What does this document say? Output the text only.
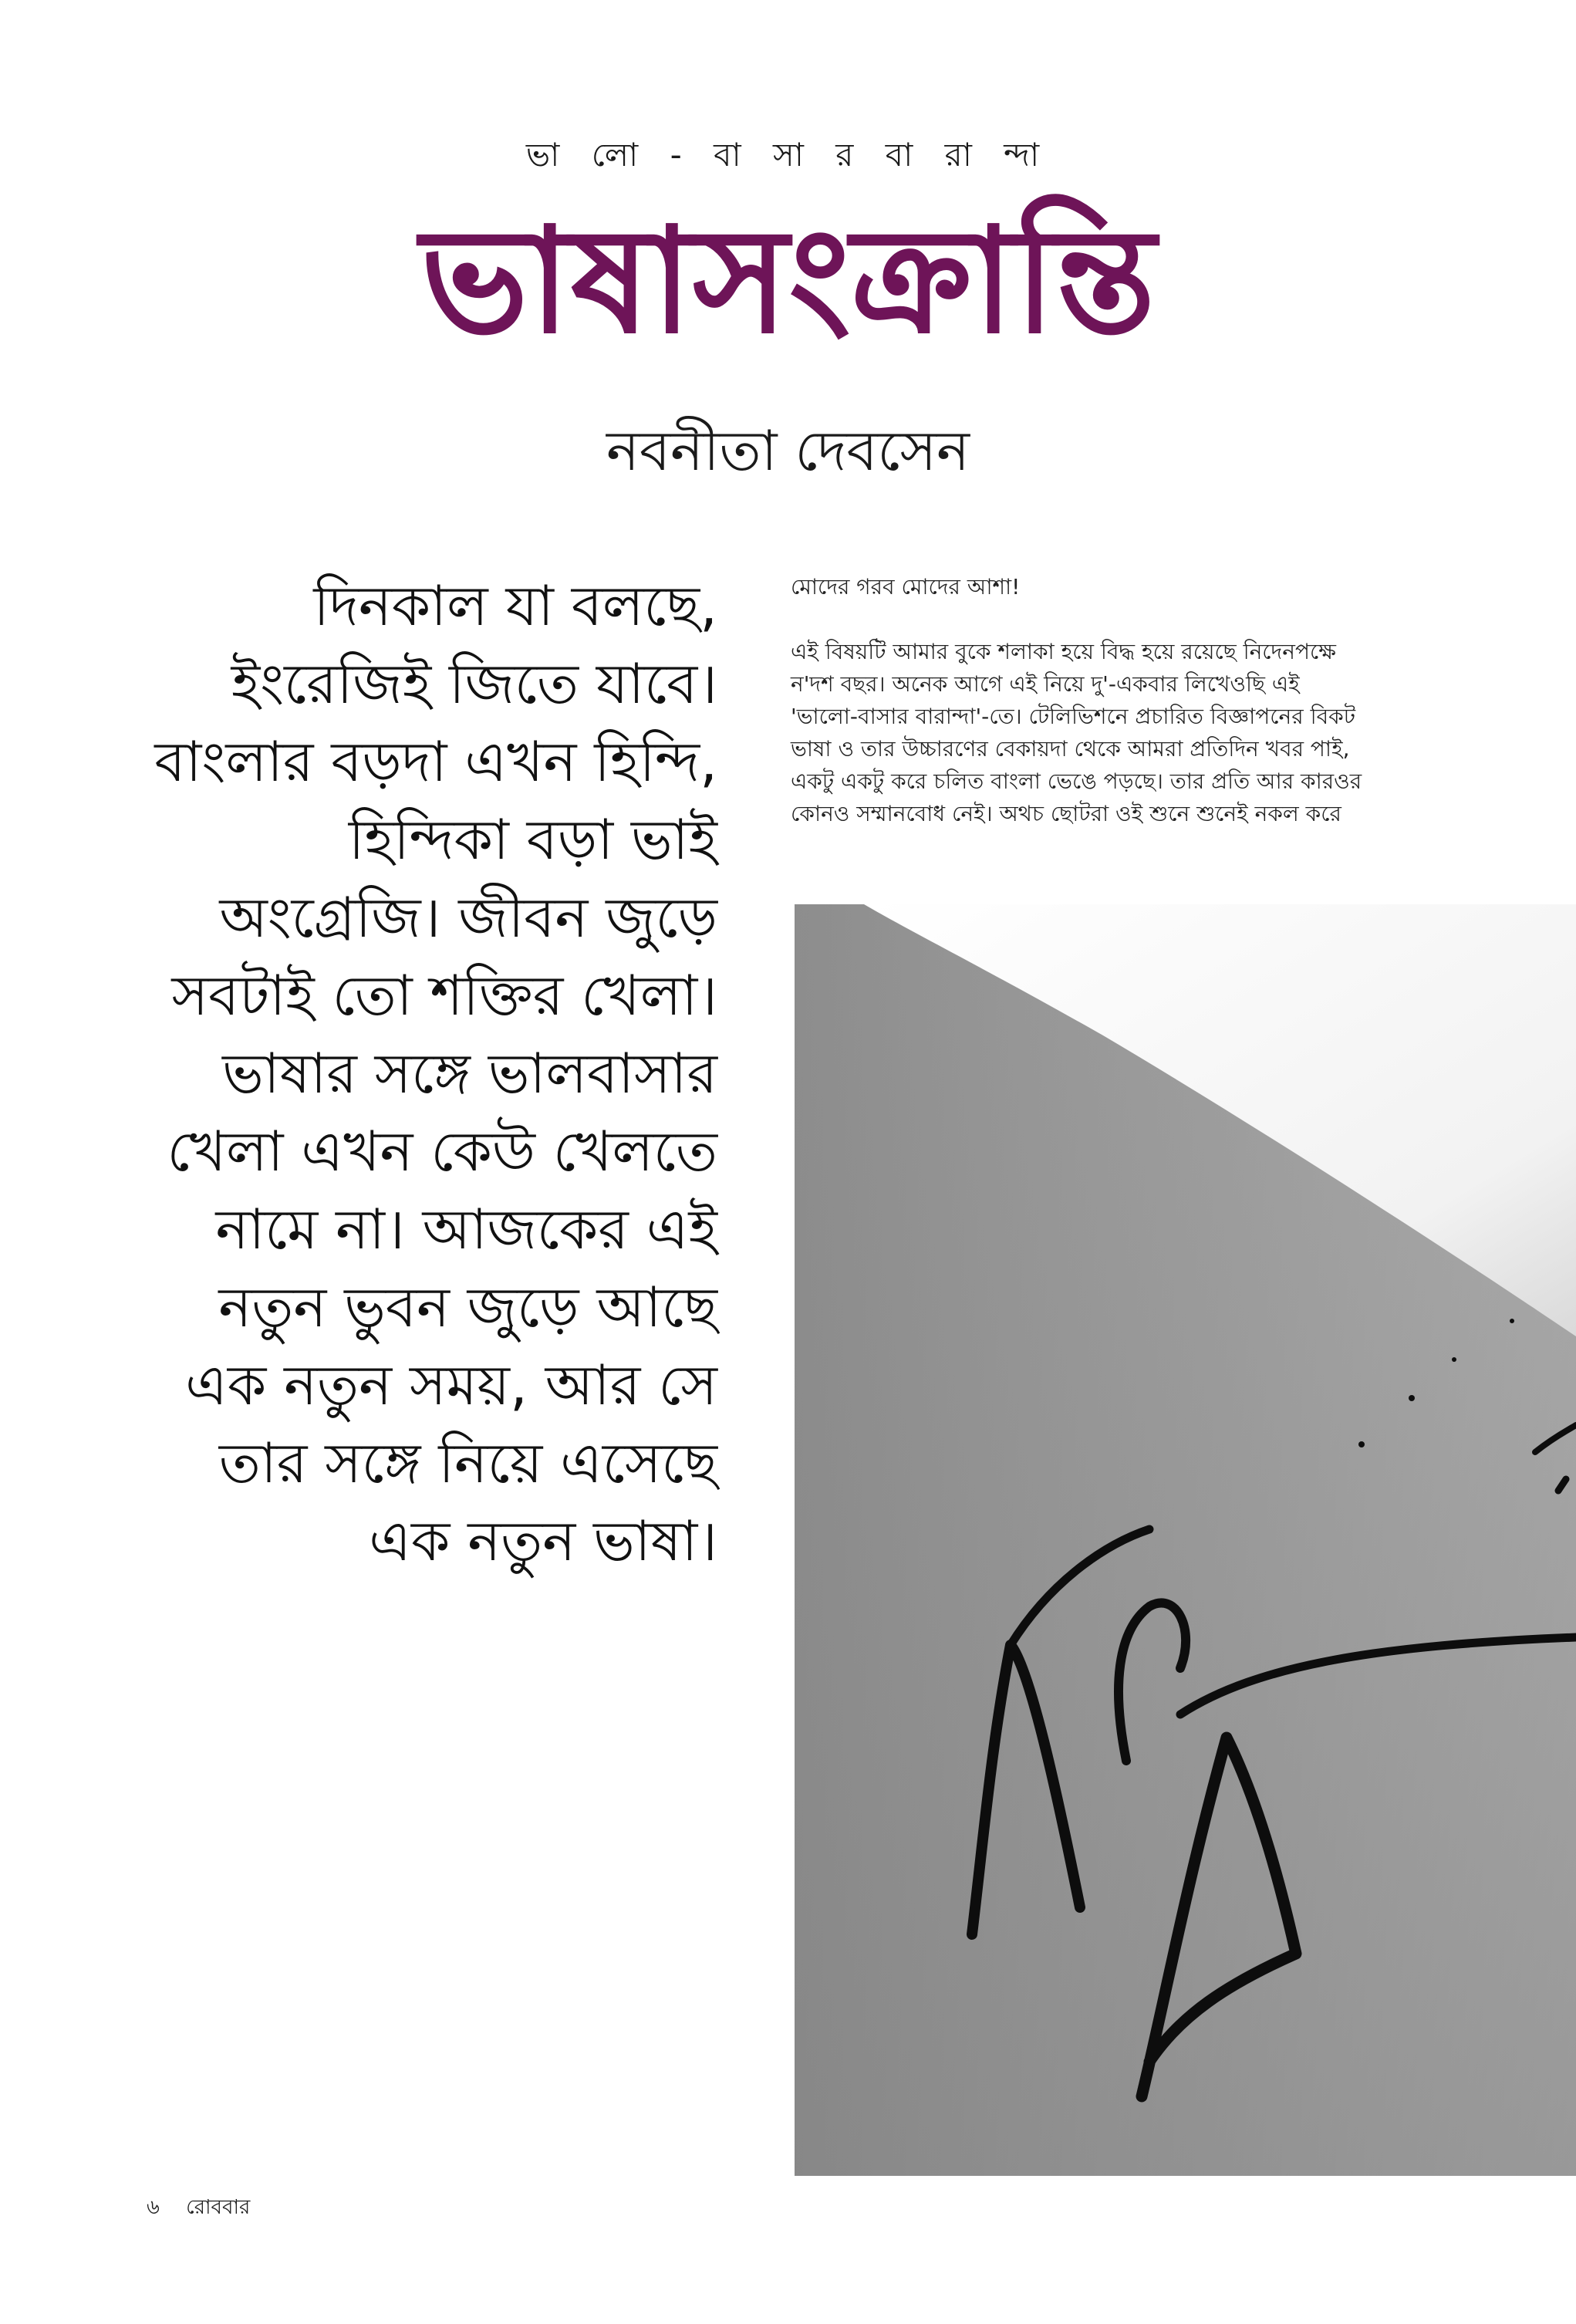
ভা লো - বা সা র বা রা ন্দা
ভাষাসংক্রান্তি
নবনীতা দেবসেন
দিনকাল যা বলছে,
ইংরেজিই জিতে যাবে।
বাংলার বড়দা এখন হিন্দি,
হিন্দিকা বড়া ভাই
অংগ্রেজি। জীবন জুড়ে
সবটাই তো শক্তির খেলা।
ভাষার সঙ্গে ভালবাসার
খেলা এখন কেউ খেলতে
নামে না। আজকের এই
নতুন ভুবন জুড়ে আছে
এক নতুন সময়, আর সে
তার সঙ্গে নিয়ে এসেছে
এক নতুন ভাষা।

মোদের গরব মোদের আশা!

এই বিষয়টি আমার বুকে শলাকা হয়ে বিদ্ধ হয়ে রয়েছে নিদেনপক্ষে

ন'দশ বছর। অনেক আগে এই নিয়ে দু'-একবার লিখেওছি এই

'ভালো-বাসার বারান্দা'-তে। টেলিভিশনে প্রচারিত বিজ্ঞাপনের বিকট

ভাষা ও তার উচ্চারণের বেকায়দা থেকে আমরা প্রতিদিন খবর পাই,

একটু একটু করে চলিত বাংলা ভেঙে পড়ছে। তার প্রতি আর কারওর

কোনও সম্মানবোধ নেই। অথচ ছোটরা ওই শুনে শুনেই নকল করে

৬ রোববার
